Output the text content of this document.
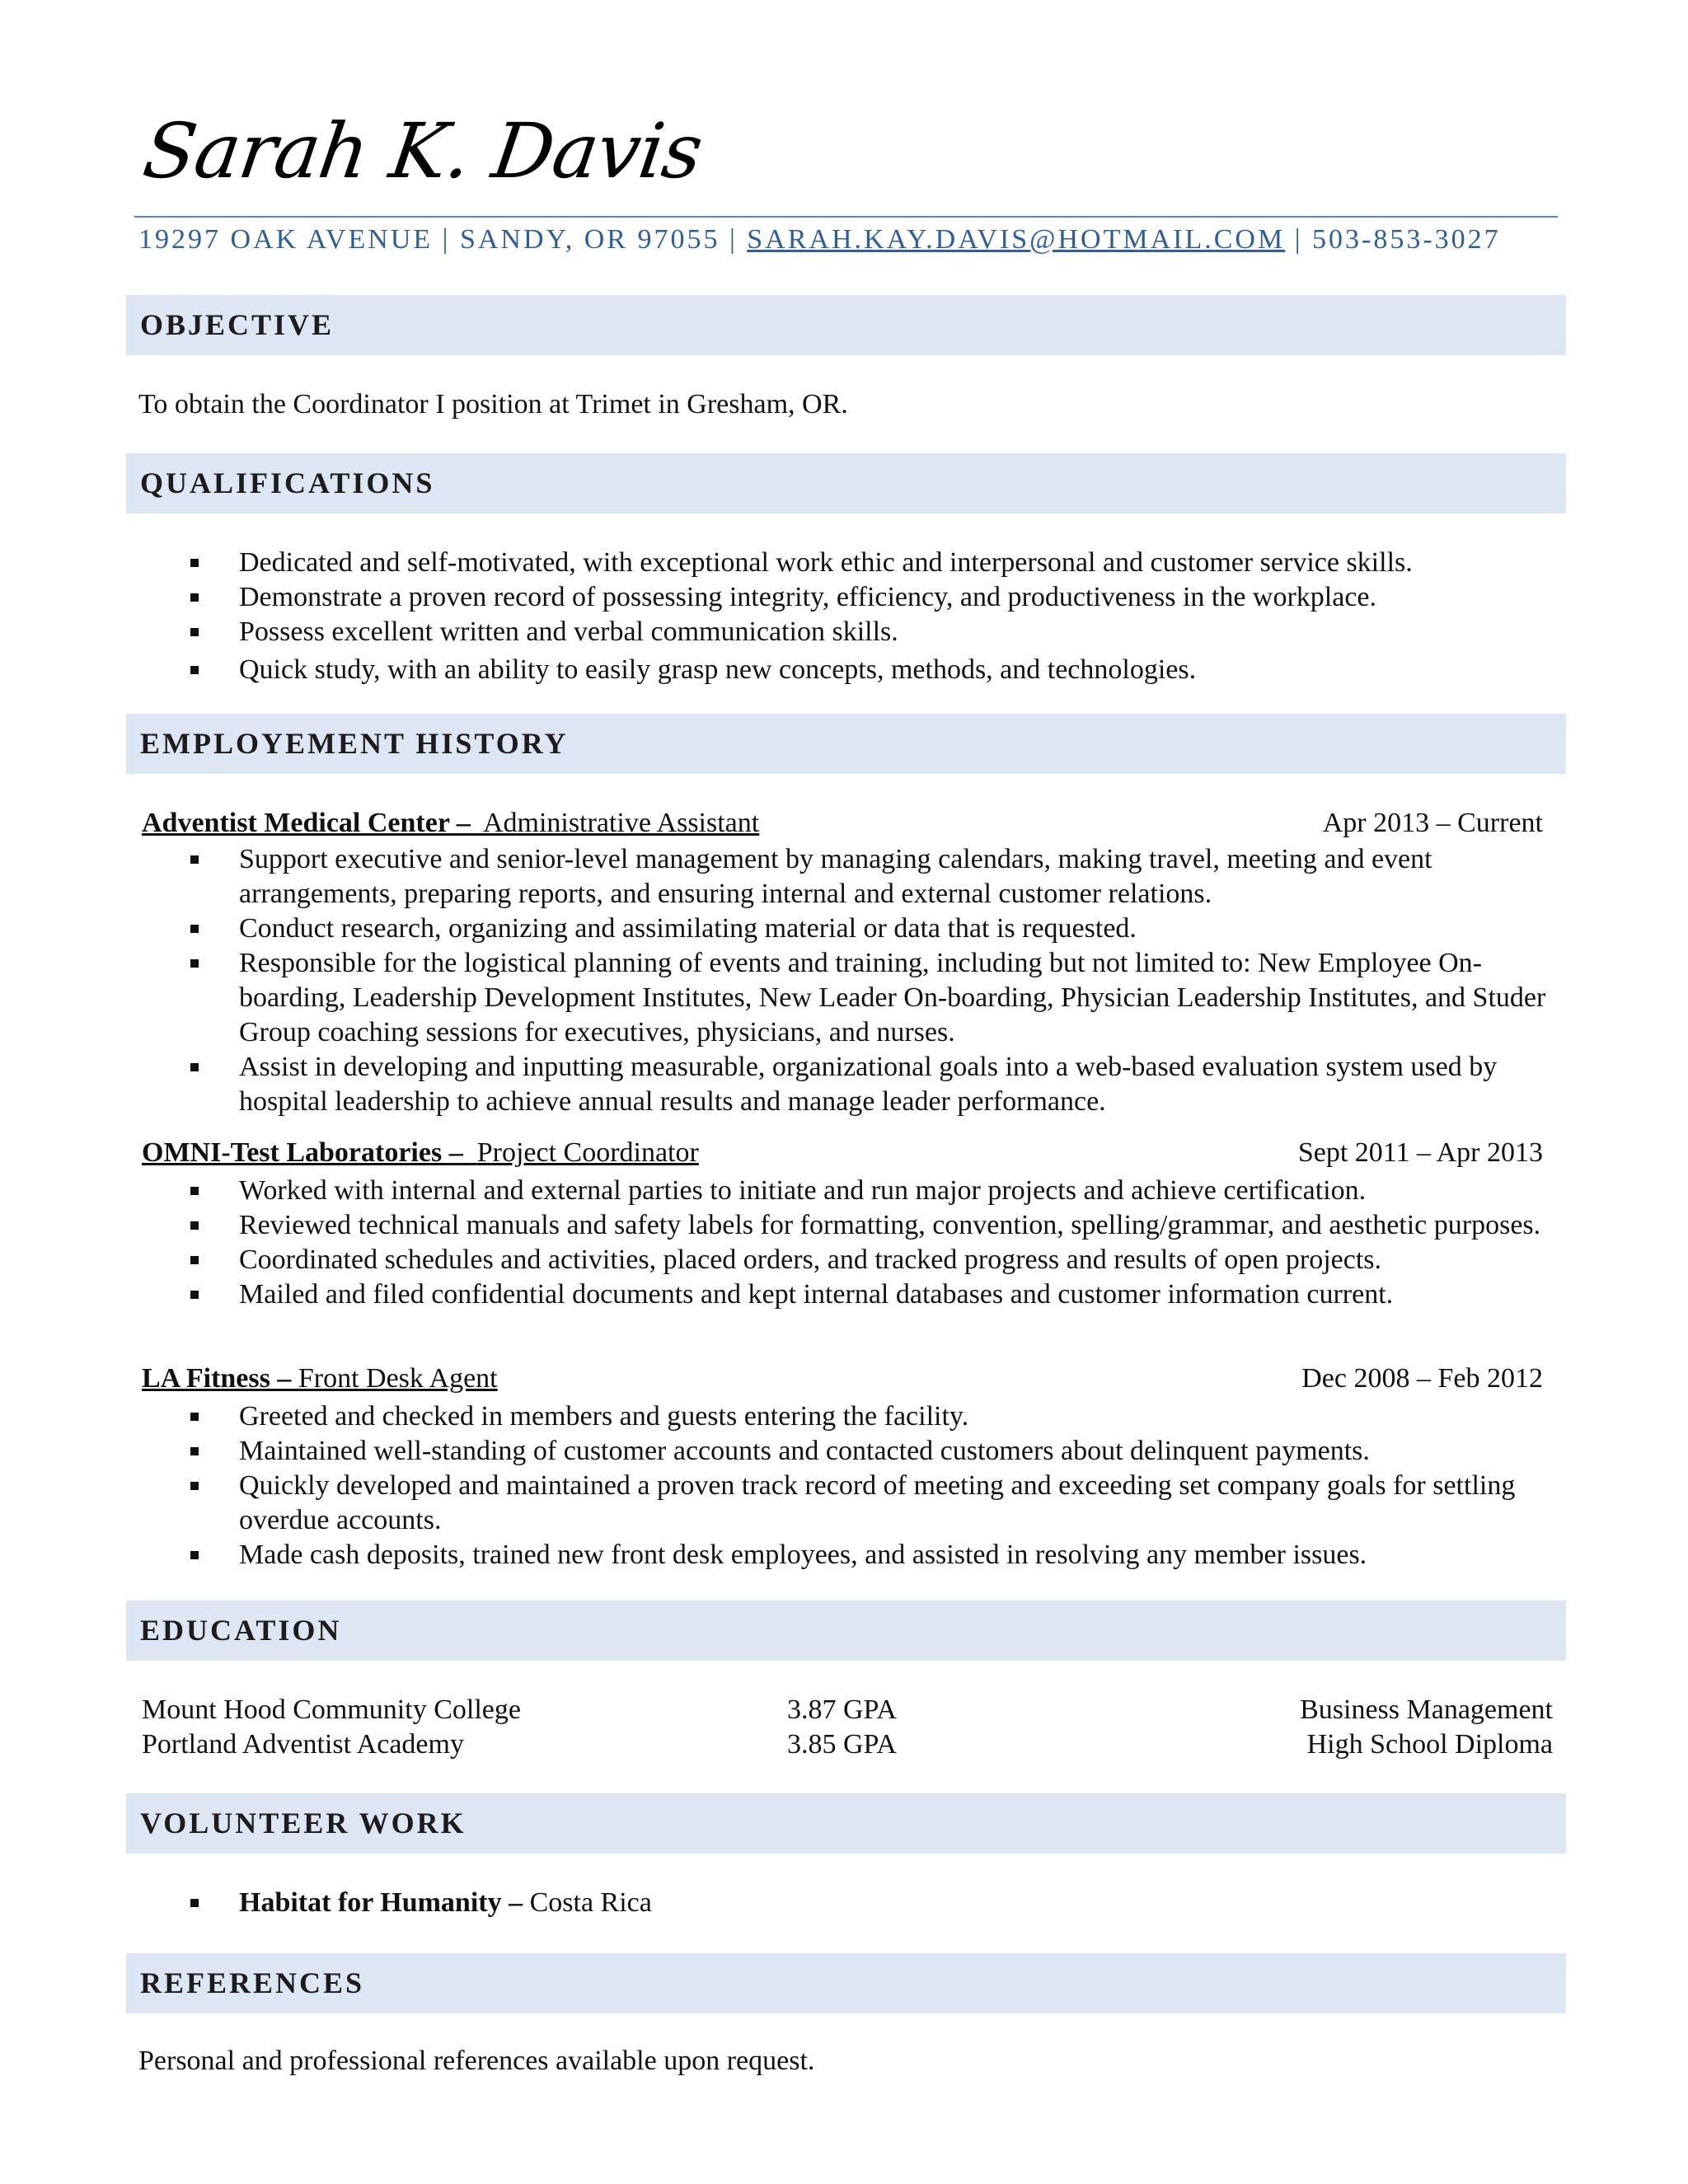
Sarah K. Davis
19297 OAK AVENUE | SANDY, OR 97055 | SARAH.KAY.DAVIS@HOTMAIL.COM | 503-853-3027
OBJECTIVE
To obtain the Coordinator I position at Trimet in Gresham, OR.
QUALIFICATIONS
Dedicated and self-motivated, with exceptional work ethic and interpersonal and customer service skills.
Demonstrate a proven record of possessing integrity, efficiency, and productiveness in the workplace.
Possess excellent written and verbal communication skills.
Quick study, with an ability to easily grasp new concepts, methods, and technologies.
EMPLOYEMENT HISTORY
Adventist Medical Center – Administrative Assistant	Apr 2013 – Current
Support executive and senior-level management by managing calendars, making travel, meeting and event arrangements, preparing reports, and ensuring internal and external customer relations.
Conduct research, organizing and assimilating material or data that is requested.
Responsible for the logistical planning of events and training, including but not limited to: New Employee On-boarding, Leadership Development Institutes, New Leader On-boarding, Physician Leadership Institutes, and Studer Group coaching sessions for executives, physicians, and nurses.
Assist in developing and inputting measurable, organizational goals into a web-based evaluation system used by hospital leadership to achieve annual results and manage leader performance.
OMNI-Test Laboratories – Project Coordinator	Sept 2011 – Apr 2013
Worked with internal and external parties to initiate and run major projects and achieve certification.
Reviewed technical manuals and safety labels for formatting, convention, spelling/grammar, and aesthetic purposes.
Coordinated schedules and activities, placed orders, and tracked progress and results of open projects.
Mailed and filed confidential documents and kept internal databases and customer information current.
LA Fitness – Front Desk Agent	Dec 2008 – Feb 2012
Greeted and checked in members and guests entering the facility.
Maintained well-standing of customer accounts and contacted customers about delinquent payments.
Quickly developed and maintained a proven track record of meeting and exceeding set company goals for settling overdue accounts.
Made cash deposits, trained new front desk employees, and assisted in resolving any member issues.
EDUCATION
Mount Hood Community College	3.87 GPA	Business Management
Portland Adventist Academy	3.85 GPA	High School Diploma
VOLUNTEER WORK
Habitat for Humanity – Costa Rica
REFERENCES
Personal and professional references available upon request.
